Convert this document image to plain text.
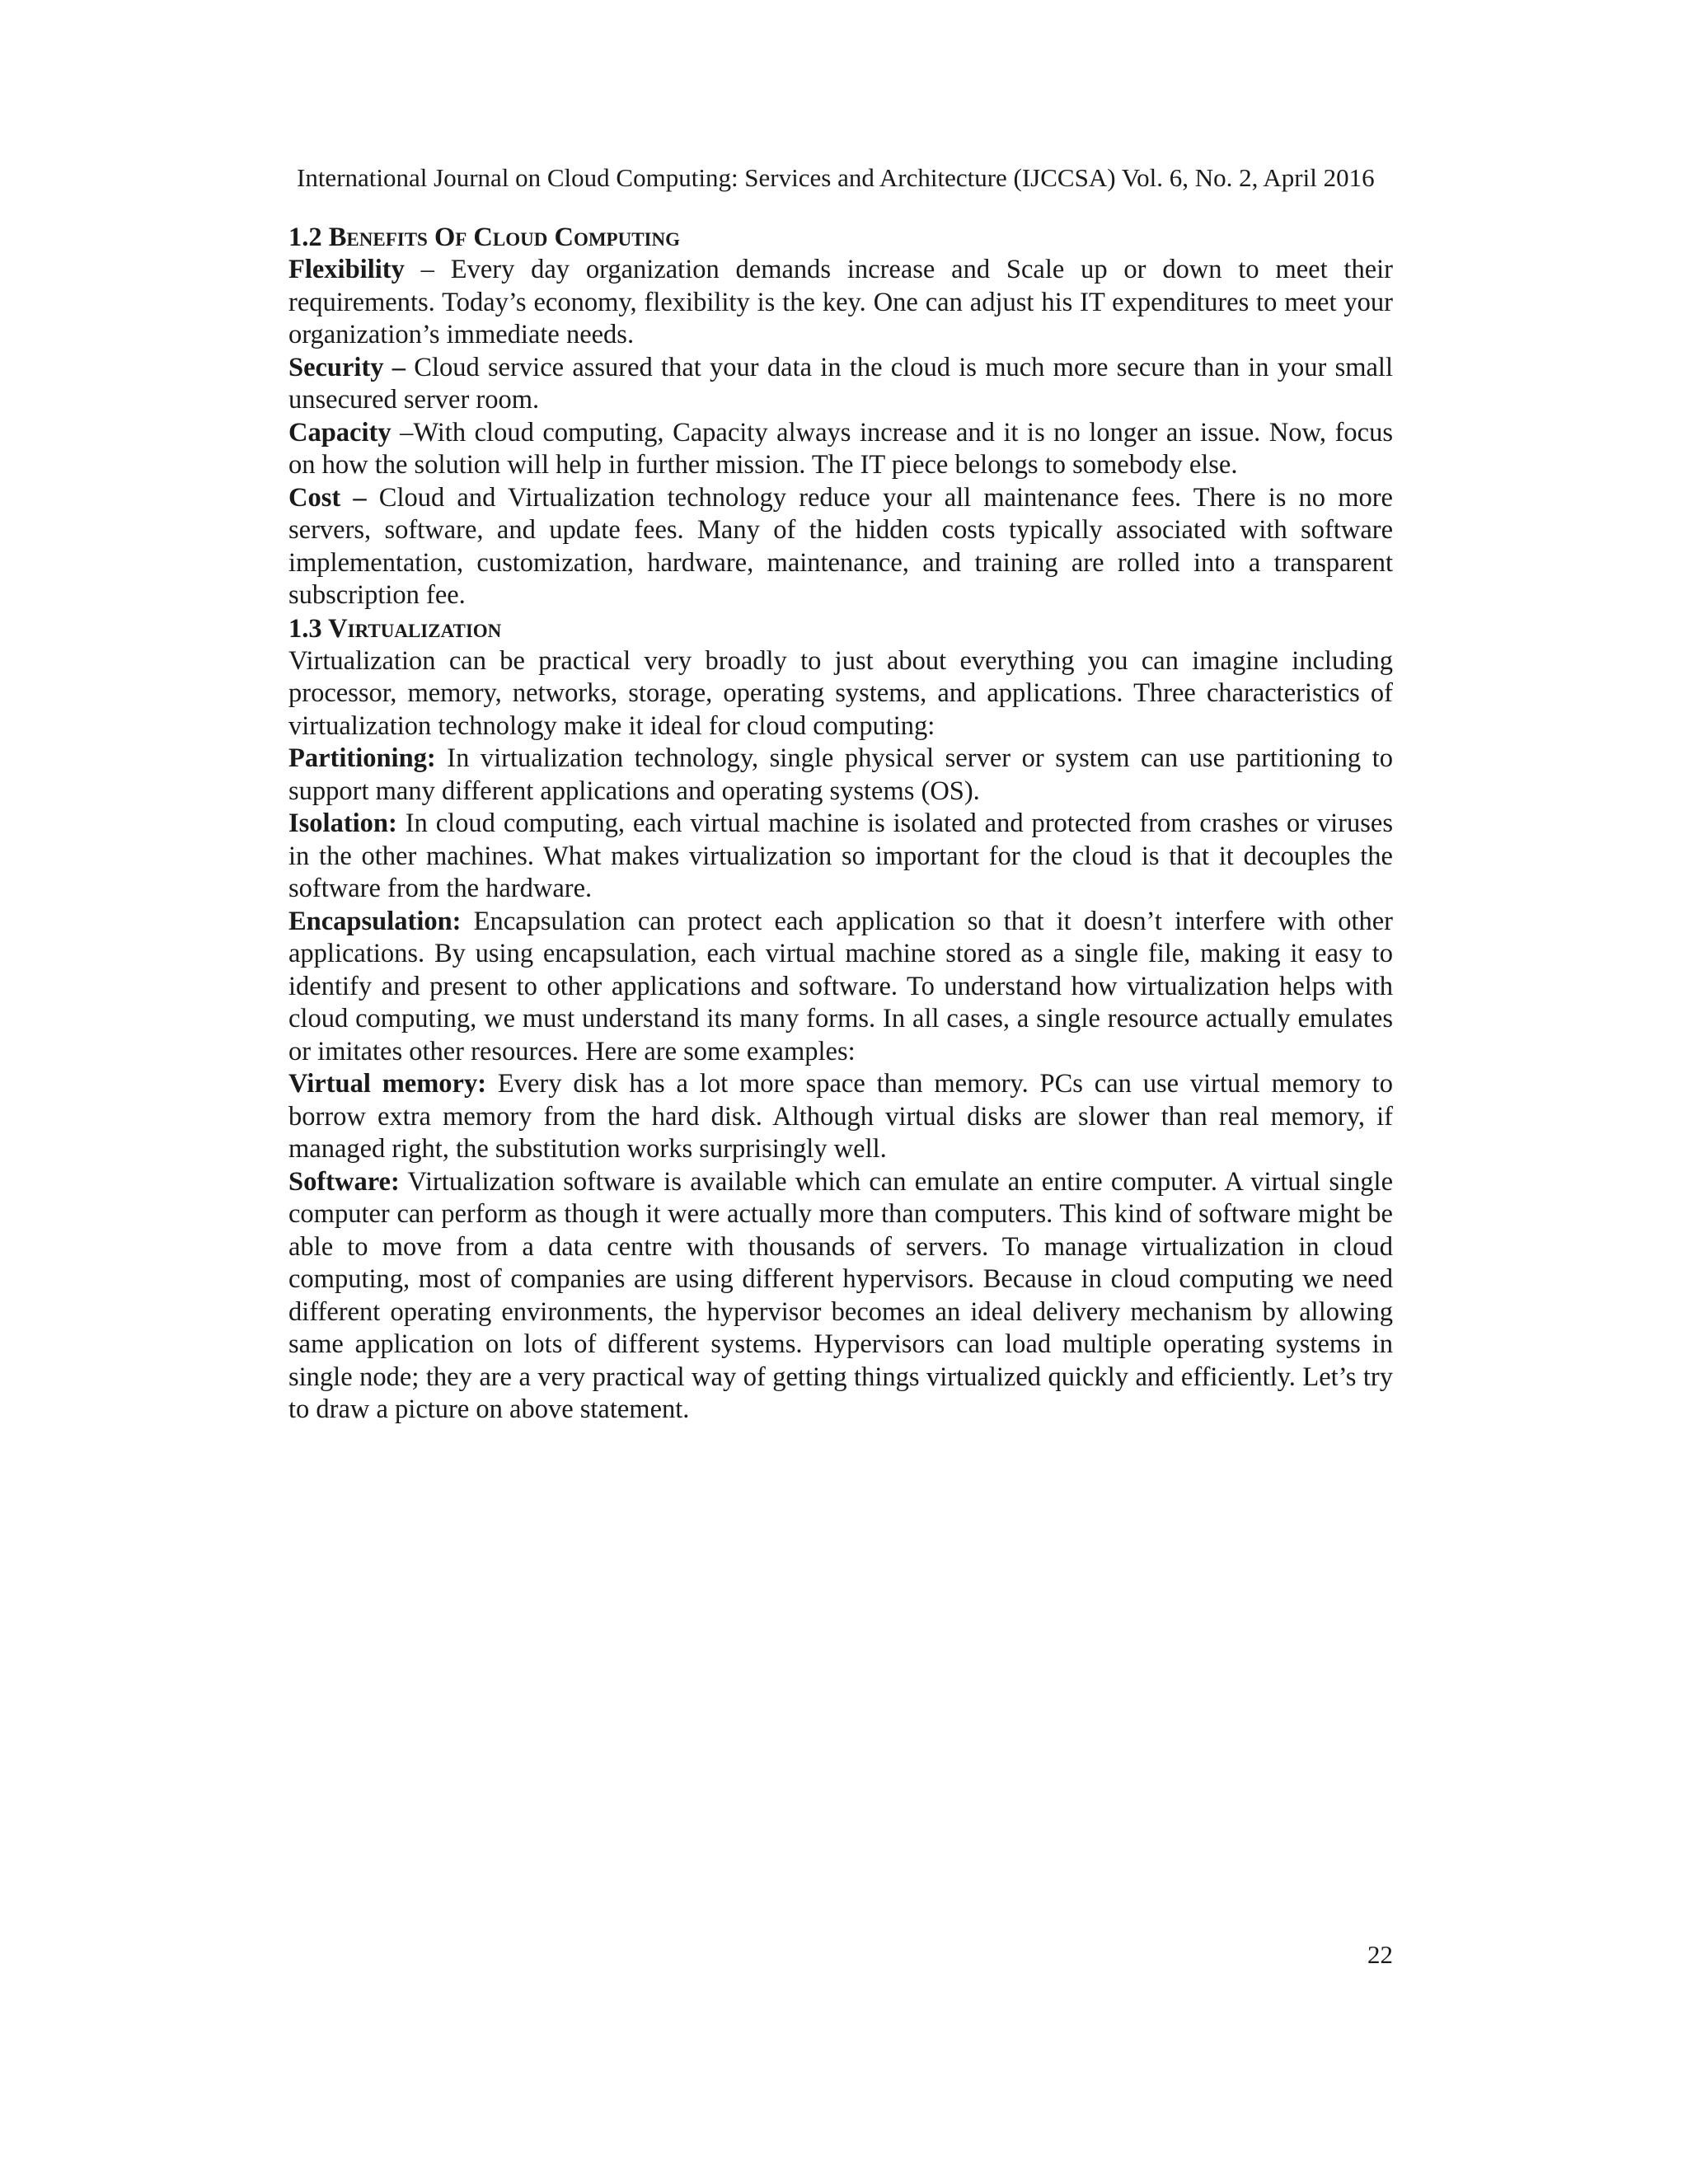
International Journal on Cloud Computing: Services and Architecture (IJCCSA) Vol. 6, No. 2, April 2016
1.2 Benefits Of Cloud Computing

Flexibility – Every day organization demands increase and Scale up or down to meet their requirements. Today’s economy, flexibility is the key. One can adjust his IT expenditures to meet your organization’s immediate needs.

Security – Cloud service assured that your data in the cloud is much more secure than in your small unsecured server room.

Capacity –With cloud computing, Capacity always increase and it is no longer an issue. Now, focus on how the solution will help in further mission. The IT piece belongs to somebody else.

Cost – Cloud and Virtualization technology reduce your all maintenance fees. There is no more servers, software, and update fees. Many of the hidden costs typically associated with software implementation, customization, hardware, maintenance, and training are rolled into a transparent subscription fee.

1.3 Virtualization

Virtualization can be practical very broadly to just about everything you can imagine including processor, memory, networks, storage, operating systems, and applications. Three characteristics of virtualization technology make it ideal for cloud computing:

Partitioning: In virtualization technology, single physical server or system can use partitioning to support many different applications and operating systems (OS).

Isolation: In cloud computing, each virtual machine is isolated and protected from crashes or viruses in the other machines. What makes virtualization so important for the cloud is that it decouples the software from the hardware.

Encapsulation: Encapsulation can protect each application so that it doesn’t interfere with other applications. By using encapsulation, each virtual machine stored as a single file, making it easy to identify and present to other applications and software. To understand how virtualization helps with cloud computing, we must understand its many forms. In all cases, a single resource actually emulates or imitates other resources. Here are some examples:

Virtual memory: Every disk has a lot more space than memory. PCs can use virtual memory to borrow extra memory from the hard disk. Although virtual disks are slower than real memory, if managed right, the substitution works surprisingly well.

Software: Virtualization software is available which can emulate an entire computer. A virtual single computer can perform as though it were actually more than computers. This kind of software might be able to move from a data centre with thousands of servers. To manage virtualization in cloud computing, most of companies are using different hypervisors. Because in cloud computing we need different operating environments, the hypervisor becomes an ideal delivery mechanism by allowing same application on lots of different systems. Hypervisors can load multiple operating systems in single node; they are a very practical way of getting things virtualized quickly and efficiently. Let’s try to draw a picture on above statement.

22
